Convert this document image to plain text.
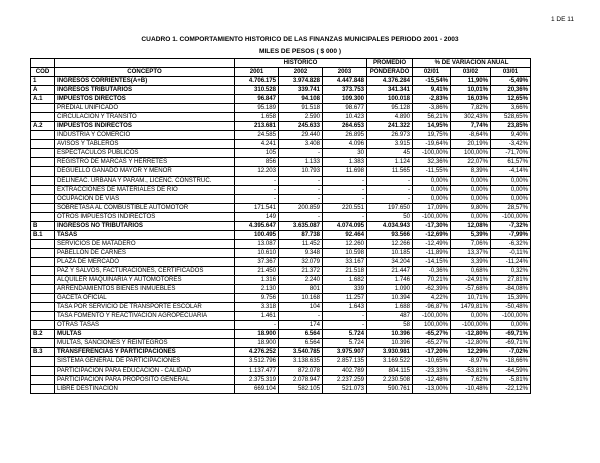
1 DE 11
CUADRO 1. COMPORTAMIENTO HISTORICO DE LAS FINANZAS MUNICIPALES PERIODO 2001 - 2003
MILES DE PESOS ( $ 000 )
		HISTORICO			PROMEDIO	% DE VARIACION ANUAL		
COD	CONCEPTO	2001	2002	2003	PONDERADO	02/01	03/02	03/01
1	INGRESOS CORRIENTES(A+B)	4.706.175	3.974.828	4.447.848	4.376.284	-15,54%	11,90%	-5,49%
A	INGRESOS TRIBUTARIOS	310.528	339.741	373.753	341.341	9,41%	10,01%	20,36%
A.1	IMPUESTOS DIRECTOS	96.847	94.108	109.300	100.018	-2,83%	16,03%	12,65%
	PREDIAL UNIFICADO	95.189	91.518	98.677	95.128	-3,86%	7,82%	3,66%
	CIRCULACION Y TRANSITO	1.658	2.590	10.423	4.890	56,21%	302,43%	528,65%
A.2	IMPUESTOS INDIRECTOS	213.681	245.633	264.653	241.322	14,95%	7,74%	23,85%
	INDUSTRIA Y COMERCIO	24.585	29.440	26.895	26.973	19,75%	-8,64%	9,40%
	AVISOS Y TABLEROS	4.241	3.408	4.096	3.915	-19,64%	20,19%	-3,42%
	ESPECTACULOS PUBLICOS	105	-	30	45	-100,00%	100,00%	-71,70%
	REGISTRO DE MARCAS Y HERRETES	856	1.133	1.383	1.124	32,36%	22,07%	61,57%
	DEGUELLO GANADO MAYOR Y MENOR	12.203	10.793	11.698	11.565	-11,55%	8,39%	-4,14%
	DELINEAC. URBANA Y PARAM., LICENC. CONSTRUC.	-	-	-	-	0,00%	0,00%	0,00%
	EXTRACCIONES DE MATERIALES DE RIO	-	-	-	-	0,00%	0,00%	0,00%
	OCUPACION DE VIAS	-	-	-	-	0,00%	0,00%	0,00%
	SOBRETASA AL COMBUSTIBLE AUTOMOTOR	171.541	200.859	220.551	197.650	17,09%	9,80%	28,57%
	OTROS IMPUESTOS INDIRECTOS	149	-	-	50	-100,00%	0,00%	-100,00%
B	INGRESOS NO TRIBUTARIOS	4.395.647	3.635.087	4.074.095	4.034.943	-17,30%	12,08%	-7,32%
B.1	TASAS	100.495	87.738	92.464	93.566	-12,69%	5,39%	-7,99%
	SERVICIOS DE MATADERO	13.087	11.452	12.260	12.266	-12,49%	7,06%	-6,32%
	PABELLÓN DE CARNES	10.610	9.348	10.598	10.185	-11,89%	13,37%	-0,11%
	PLAZA DE MERCADO	37.367	32.079	33.167	34.204	-14,15%	3,39%	-11,24%
	PAZ Y SALVOS, FACTURACIONES, CERTIFICADOS	21.450	21.372	21.518	21.447	-0,36%	0,68%	0,32%
	ALQUILER MAQUINARIA Y AUTOMOTORES	1.316	2.240	1.682	1.746	70,21%	-24,91%	27,81%
	ARRENDAMIENTOS BIENES INMUEBLES	2.130	801	339	1.090	-62,39%	-57,68%	-84,08%
	GACETA OFICIAL	9.756	10.168	11.257	10.394	4,22%	10,71%	15,39%
	TASA POR SERVICIO DE TRANSPORTE ESCOLAR	3.318	104	1.643	1.688	-96,87%	1479,81%	-50,48%
	TASA FOMENTO Y REACTIVACIÓN AGROPECUARIA	1.461	-	-	487	-100,00%	0,00%	-100,00%
	OTRAS TASAS	-	174	-	58	100,00%	-100,00%	0,00%
B.2	MULTAS	18.900	6.564	5.724	10.396	-65,27%	-12,80%	-69,71%
	MULTAS, SANCIONES Y REINTEGROS	18.900	6.564	5.724	10.396	-65,27%	-12,80%	-69,71%
B.3	TRANSFERENCIAS Y PARTICIPACIONES	4.276.252	3.540.785	3.975.907	3.930.981	-17,20%	12,29%	-7,02%
	SISTEMA GENERAL DE PARTICIPACIONES	3.512.796	3.138.635	2.857.135	3.169.522	-10,65%	-8,97%	-18,66%
	PARTICIPACION PARA EDUCACIÓN - CALIDAD	1.137.477	872.078	402.789	804.115	-23,33%	-53,81%	-64,59%
	PARTICIPACIÓN PARA PROPÓSITO GENERAL	2.375.319	2.078.947	2.237.259	2.230.508	-12,48%	7,62%	-5,81%
	LIBRE DESTINACIÓN	669.104	582.105	521.073	590.761	-13,00%	-10,48%	-22,12%
